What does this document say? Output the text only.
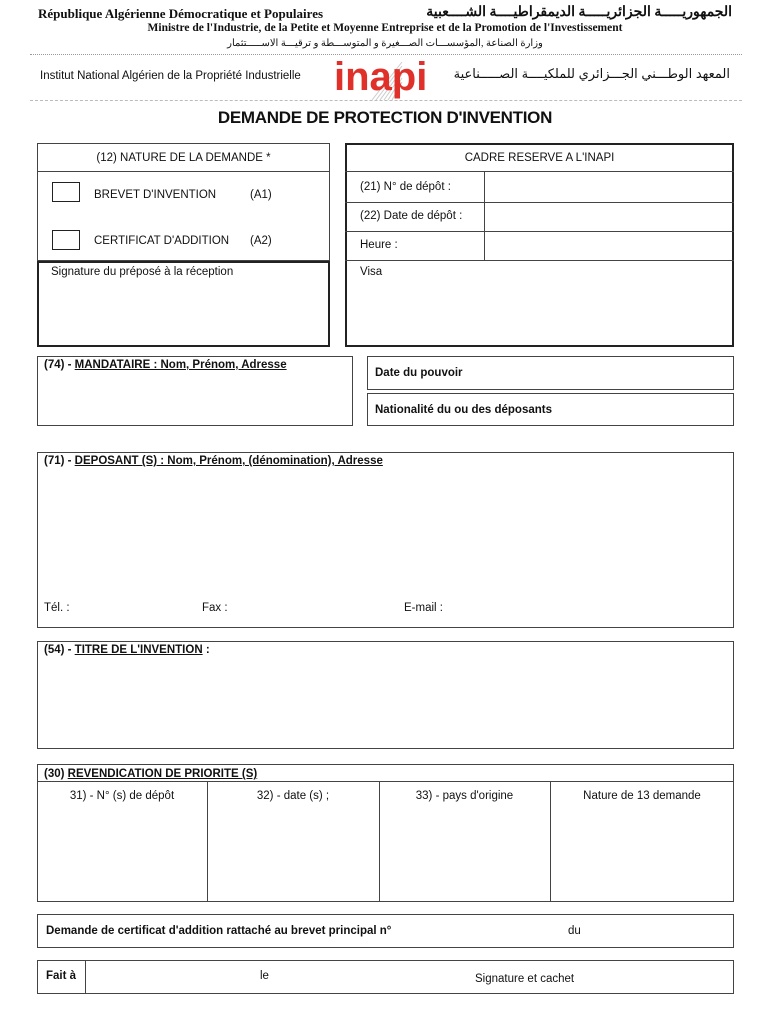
République Algérienne Démocratique et Populaires	الجمهوريـــــة الجزائريـــــة الديمقراطيــــة الشــــعبية
Ministre de l'Industrie, de la Petite et Moyenne Entreprise et de la Promotion de l'Investissement
وزارة الصناعة ,المؤسســـات الصـــغيرة و المتوســـطة و ترقيـــة الاســـــتثمار
Institut National Algérien de la Propriété Industrielle inapi	المعهد الوطـــني الجـــزائري للملكيــــة الصـــــناعية
DEMANDE DE PROTECTION D'INVENTION
(12) NATURE DE LA DEMANDE *
BREVET D'INVENTION	(A1)
CERTIFICAT D'ADDITION (A2)
Signature du préposé à la réception
CADRE RESERVE A L'INAPI
(21) N° de dépôt :
(22) Date de dépôt :
Heure :
Visa
(74) - MANDATAIRE : Nom, Prénom, Adresse
Date du pouvoir
Nationalité du ou des déposants
(71) - DEPOSANT (S) : Nom, Prénom, (dénomination), Adresse
Tél. :	Fax :	E-mail :
(54) - TITRE DE L'INVENTION :
(30) REVENDICATION DE PRIORITE (S)
31) - N° (s) de dépôt	32) - date (s) ;	33) - pays d'origine	Nature de 13 demande
Demande de certificat d'addition rattaché au brevet principal n°	du
Fait à	le	Signature et cachet
